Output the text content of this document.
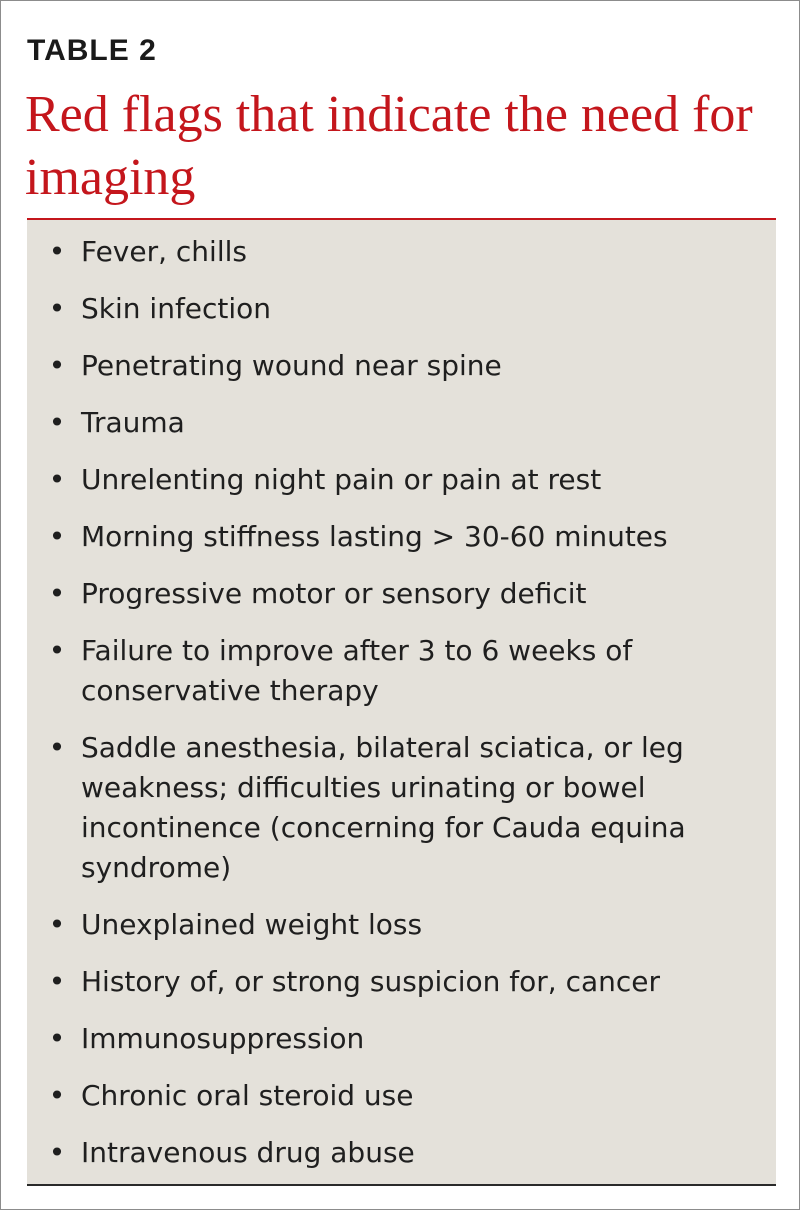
TABLE 2
Red flags that indicate the need for imaging
• Fever, chills
• Skin infection
• Penetrating wound near spine
• Trauma
• Unrelenting night pain or pain at rest
• Morning stiffness lasting > 30-60 minutes
• Progressive motor or sensory deficit
• Failure to improve after 3 to 6 weeks of conservative therapy
• Saddle anesthesia, bilateral sciatica, or leg weakness; difficulties urinating or bowel incontinence (concerning for Cauda equina syndrome)
• Unexplained weight loss
• History of, or strong suspicion for, cancer
• Immunosuppression
• Chronic oral steroid use
• Intravenous drug abuse
